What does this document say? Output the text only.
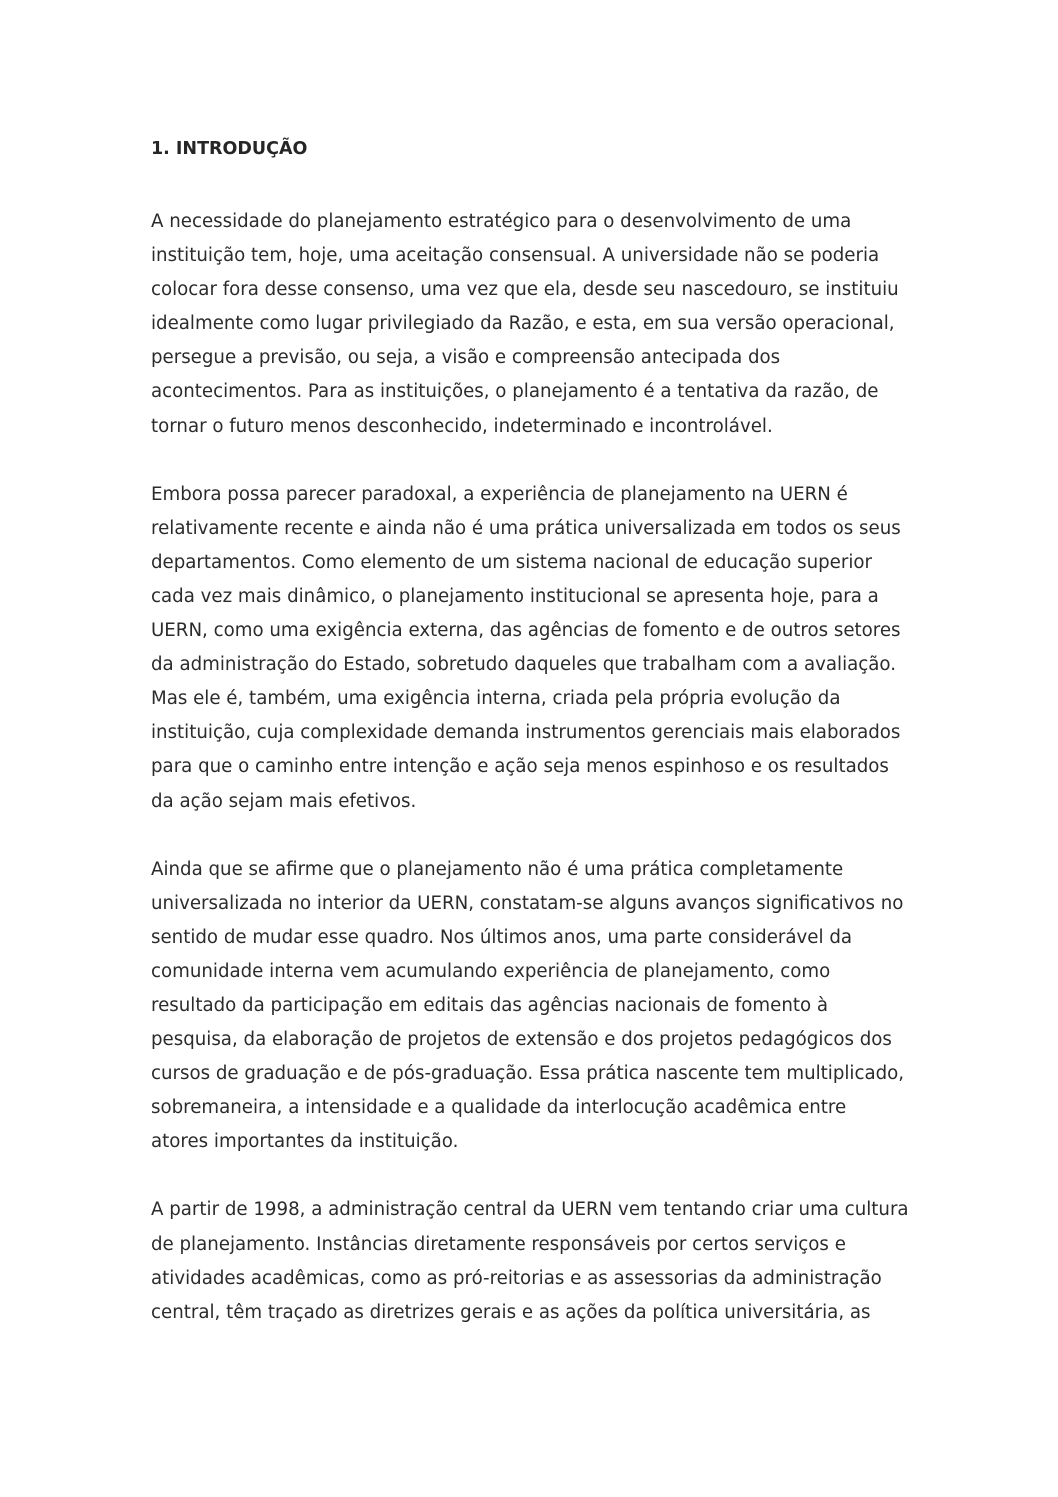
1. INTRODUÇÃO
A necessidade do planejamento estratégico para o desenvolvimento de uma
instituição tem, hoje, uma aceitação consensual. A universidade não se poderia
colocar fora desse consenso, uma vez que ela, desde seu nascedouro, se instituiu
idealmente como lugar privilegiado da Razão, e esta, em sua versão operacional,
persegue a previsão, ou seja, a visão e compreensão antecipada dos
acontecimentos. Para as instituições, o planejamento é a tentativa da razão, de
tornar o futuro menos desconhecido, indeterminado e incontrolável.
Embora possa parecer paradoxal, a experiência de planejamento na UERN é
relativamente recente e ainda não é uma prática universalizada em todos os seus
departamentos. Como elemento de um sistema nacional de educação superior
cada vez mais dinâmico, o planejamento institucional se apresenta hoje, para a
UERN, como uma exigência externa, das agências de fomento e de outros setores
da administração do Estado, sobretudo daqueles que trabalham com a avaliação.
Mas ele é, também, uma exigência interna, criada pela própria evolução da
instituição, cuja complexidade demanda instrumentos gerenciais mais elaborados
para que o caminho entre intenção e ação seja menos espinhoso e os resultados
da ação sejam mais efetivos.
Ainda que se afirme que o planejamento não é uma prática completamente
universalizada no interior da UERN, constatam-se alguns avanços significativos no
sentido de mudar esse quadro. Nos últimos anos, uma parte considerável da
comunidade interna vem acumulando experiência de planejamento, como
resultado da participação em editais das agências nacionais de fomento à
pesquisa, da elaboração de projetos de extensão e dos projetos pedagógicos dos
cursos de graduação e de pós-graduação. Essa prática nascente tem multiplicado,
sobremaneira, a intensidade e a qualidade da interlocução acadêmica entre
atores importantes da instituição.
A partir de 1998, a administração central da UERN vem tentando criar uma cultura
de planejamento. Instâncias diretamente responsáveis por certos serviços e
atividades acadêmicas, como as pró-reitorias e as assessorias da administração
central, têm traçado as diretrizes gerais e as ações da política universitária, as
